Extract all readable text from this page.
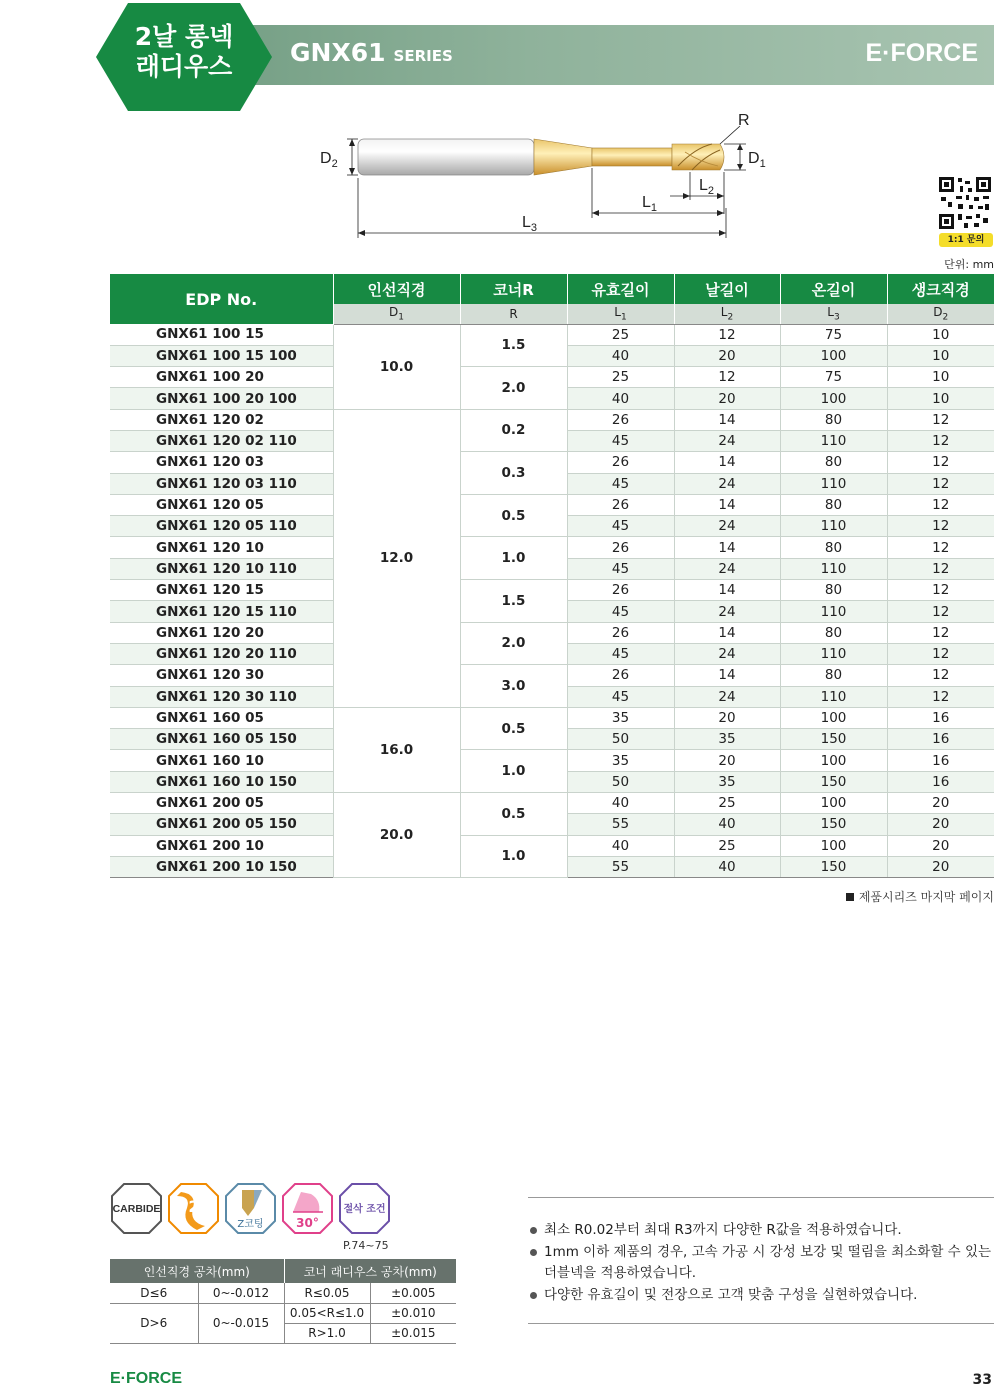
2날 롱넥
래디우스	GNX61 SERIES	E·FORCE
R
$D_2$	$D_1$
$L_2$
$L_1$
$L_3$
1:1 문의
단위: mm
EDP No.	인선직경	코너R	유효길이	날길이	온길이	생크직경
	$D_1$	R	$L_1$	$L_2$	$L_3$	$D_2$
GNX61 100 15	10.0	1.5	25	12	75	10
GNX61 100 15 100			40	20	100	10
GNX61 100 20		2.0	25	12	75	10
GNX61 100 20 100			40	20	100	10
GNX61 120 02	12.0	0.2	26	14	80	12
GNX61 120 02 110			45	24	110	12
GNX61 120 03		0.3	26	14	80	12
GNX61 120 03 110			45	24	110	12
GNX61 120 05		0.5	26	14	80	12
GNX61 120 05 110			45	24	110	12
GNX61 120 10		1.0	26	14	80	12
GNX61 120 10 110			45	24	110	12
GNX61 120 15		1.5	26	14	80	12
GNX61 120 15 110			45	24	110	12
GNX61 120 20		2.0	26	14	80	12
GNX61 120 20 110			45	24	110	12
GNX61 120 30		3.0	26	14	80	12
GNX61 120 30 110			45	24	110	12
GNX61 160 05	16.0	0.5	35	20	100	16
GNX61 160 05 150			50	35	150	16
GNX61 160 10		1.0	35	20	100	16
GNX61 160 10 150			50	35	150	16
GNX61 200 05	20.0	0.5	40	25	100	20
GNX61 200 05 150			55	40	150	20
GNX61 200 10		1.0	40	25	100	20
GNX61 200 10 150			55	40	150	20
제품시리즈 마지막 페이지
CARBIDE 2
Z코팅	30°
절삭 조건
P.74~75
인선직경 공차(mm)		코너 래디우스 공차(mm)	
D≤6	0~-0.012	R≤0.05	±0.005
D>6	0~-0.015	0.05<R≤1.0	±0.010
		R>1.0	±0.015
최소 R0.02부터 최대 R3까지 다양한 R값을 적용하였습니다.
1mm 이하 제품의 경우, 고속 가공 시 강성 보강 및 떨림을 최소화할 수 있는 더블넥을 적용하였습니다.
다양한 유효길이 및 전장으로 고객 맞춤 구성을 실현하였습니다.
E·FORCE	33
